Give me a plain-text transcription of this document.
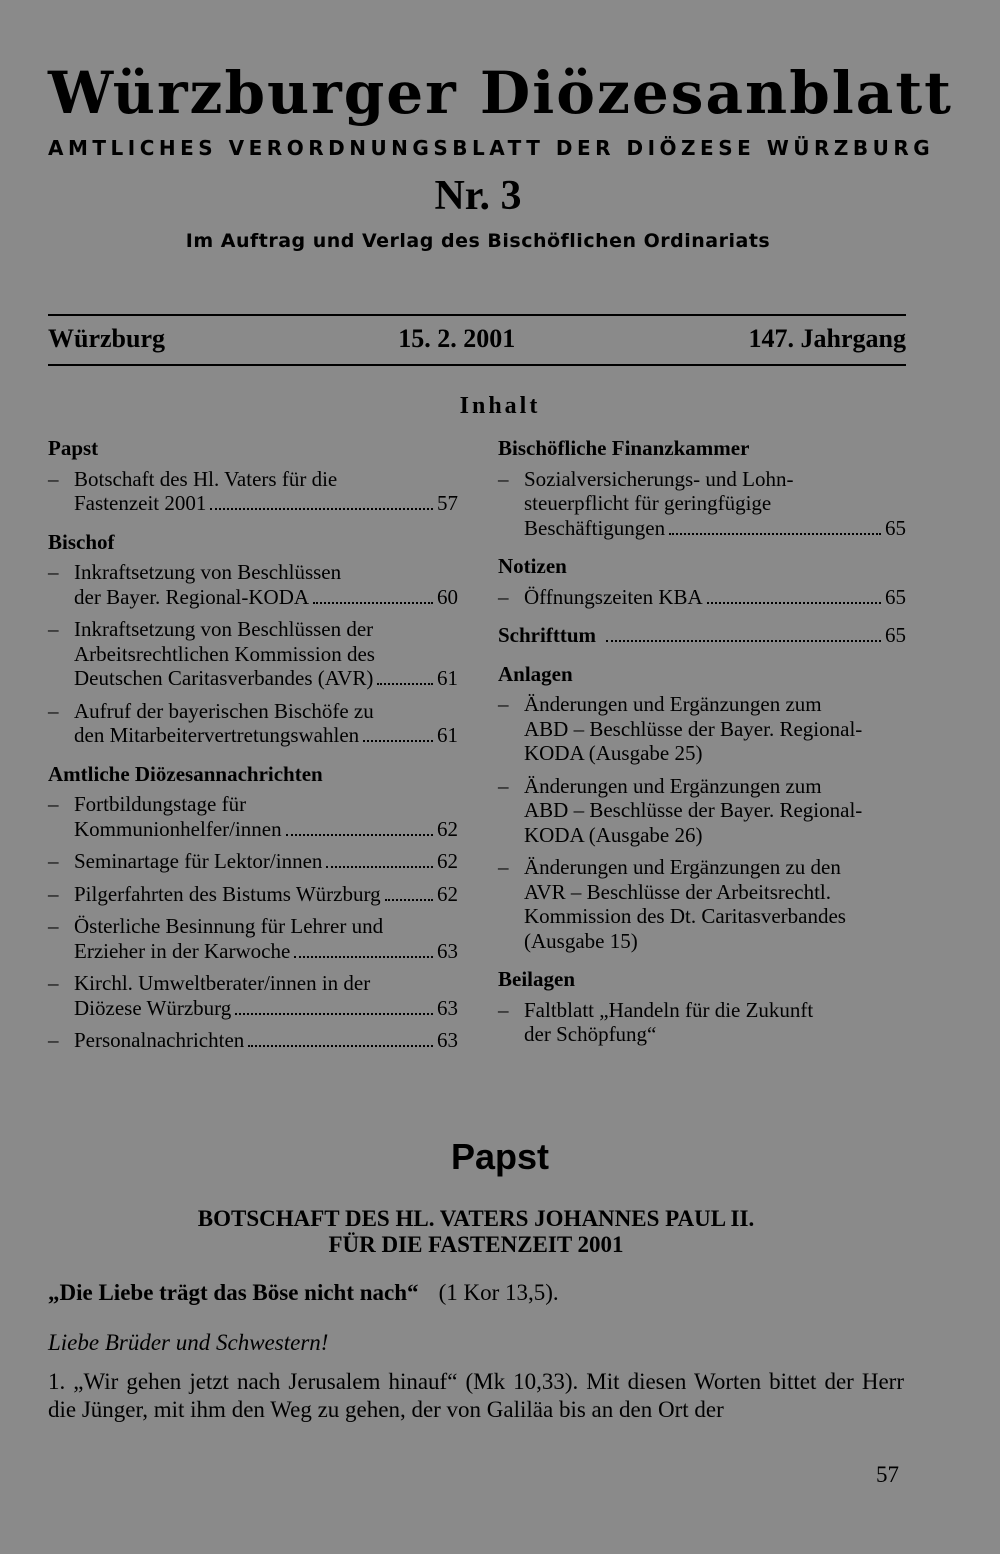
Würzburger Diözesanblatt
AMTLICHES VERORDNUNGSBLATT DER DIÖZESE WÜRZBURG
Nr. 3
Im Auftrag und Verlag des Bischöflichen Ordinariats
Würzburg	15. 2. 2001	147. Jahrgang
Inhalt
Papst
– Botschaft des Hl. Vaters für die
Fastenzeit 2001	57
Bischof
– Inkraftsetzung von Beschlüssen
der Bayer. Regional-KODA	60
– Inkraftsetzung von Beschlüssen der
Arbeitsrechtlichen Kommission des
Deutschen Caritasverbandes (AVR)	61
– Aufruf der bayerischen Bischöfe zu
den Mitarbeitervertretungswahlen	61
Amtliche Diözesannachrichten
– Fortbildungstage für
Kommunionhelfer/innen	62
– Seminartage für Lektor/innen	62
– Pilgerfahrten des Bistums Würzburg	62
– Österliche Besinnung für Lehrer und
Erzieher in der Karwoche	63
– Kirchl. Umweltberater/innen in der
Diözese Würzburg	63
– Personalnachrichten	63
Bischöfliche Finanzkammer
– Sozialversicherungs- und Lohn-
steuerpflicht für geringfügige
Beschäftigungen	65
Notizen
– Öffnungszeiten KBA	65
Schrifttum	65
Anlagen
– Änderungen und Ergänzungen zum
ABD – Beschlüsse der Bayer. Regional-
KODA (Ausgabe 25)
– Änderungen und Ergänzungen zum
ABD – Beschlüsse der Bayer. Regional-
KODA (Ausgabe 26)
– Änderungen und Ergänzungen zu den
AVR – Beschlüsse der Arbeitsrechtl.
Kommission des Dt. Caritasverbandes
(Ausgabe 15)
Beilagen
– Faltblatt „Handeln für die Zukunft
der Schöpfung“
Papst
BOTSCHAFT DES HL. VATERS JOHANNES PAUL II.
FÜR DIE FASTENZEIT 2001
„Die Liebe trägt das Böse nicht nach“ (1 Kor 13,5).
Liebe Brüder und Schwestern!
1. „Wir gehen jetzt nach Jerusalem hinauf“ (Mk 10,33). Mit diesen Worten bittet der Herr die Jünger, mit ihm den Weg zu gehen, der von Galiläa bis an den Ort der
57
